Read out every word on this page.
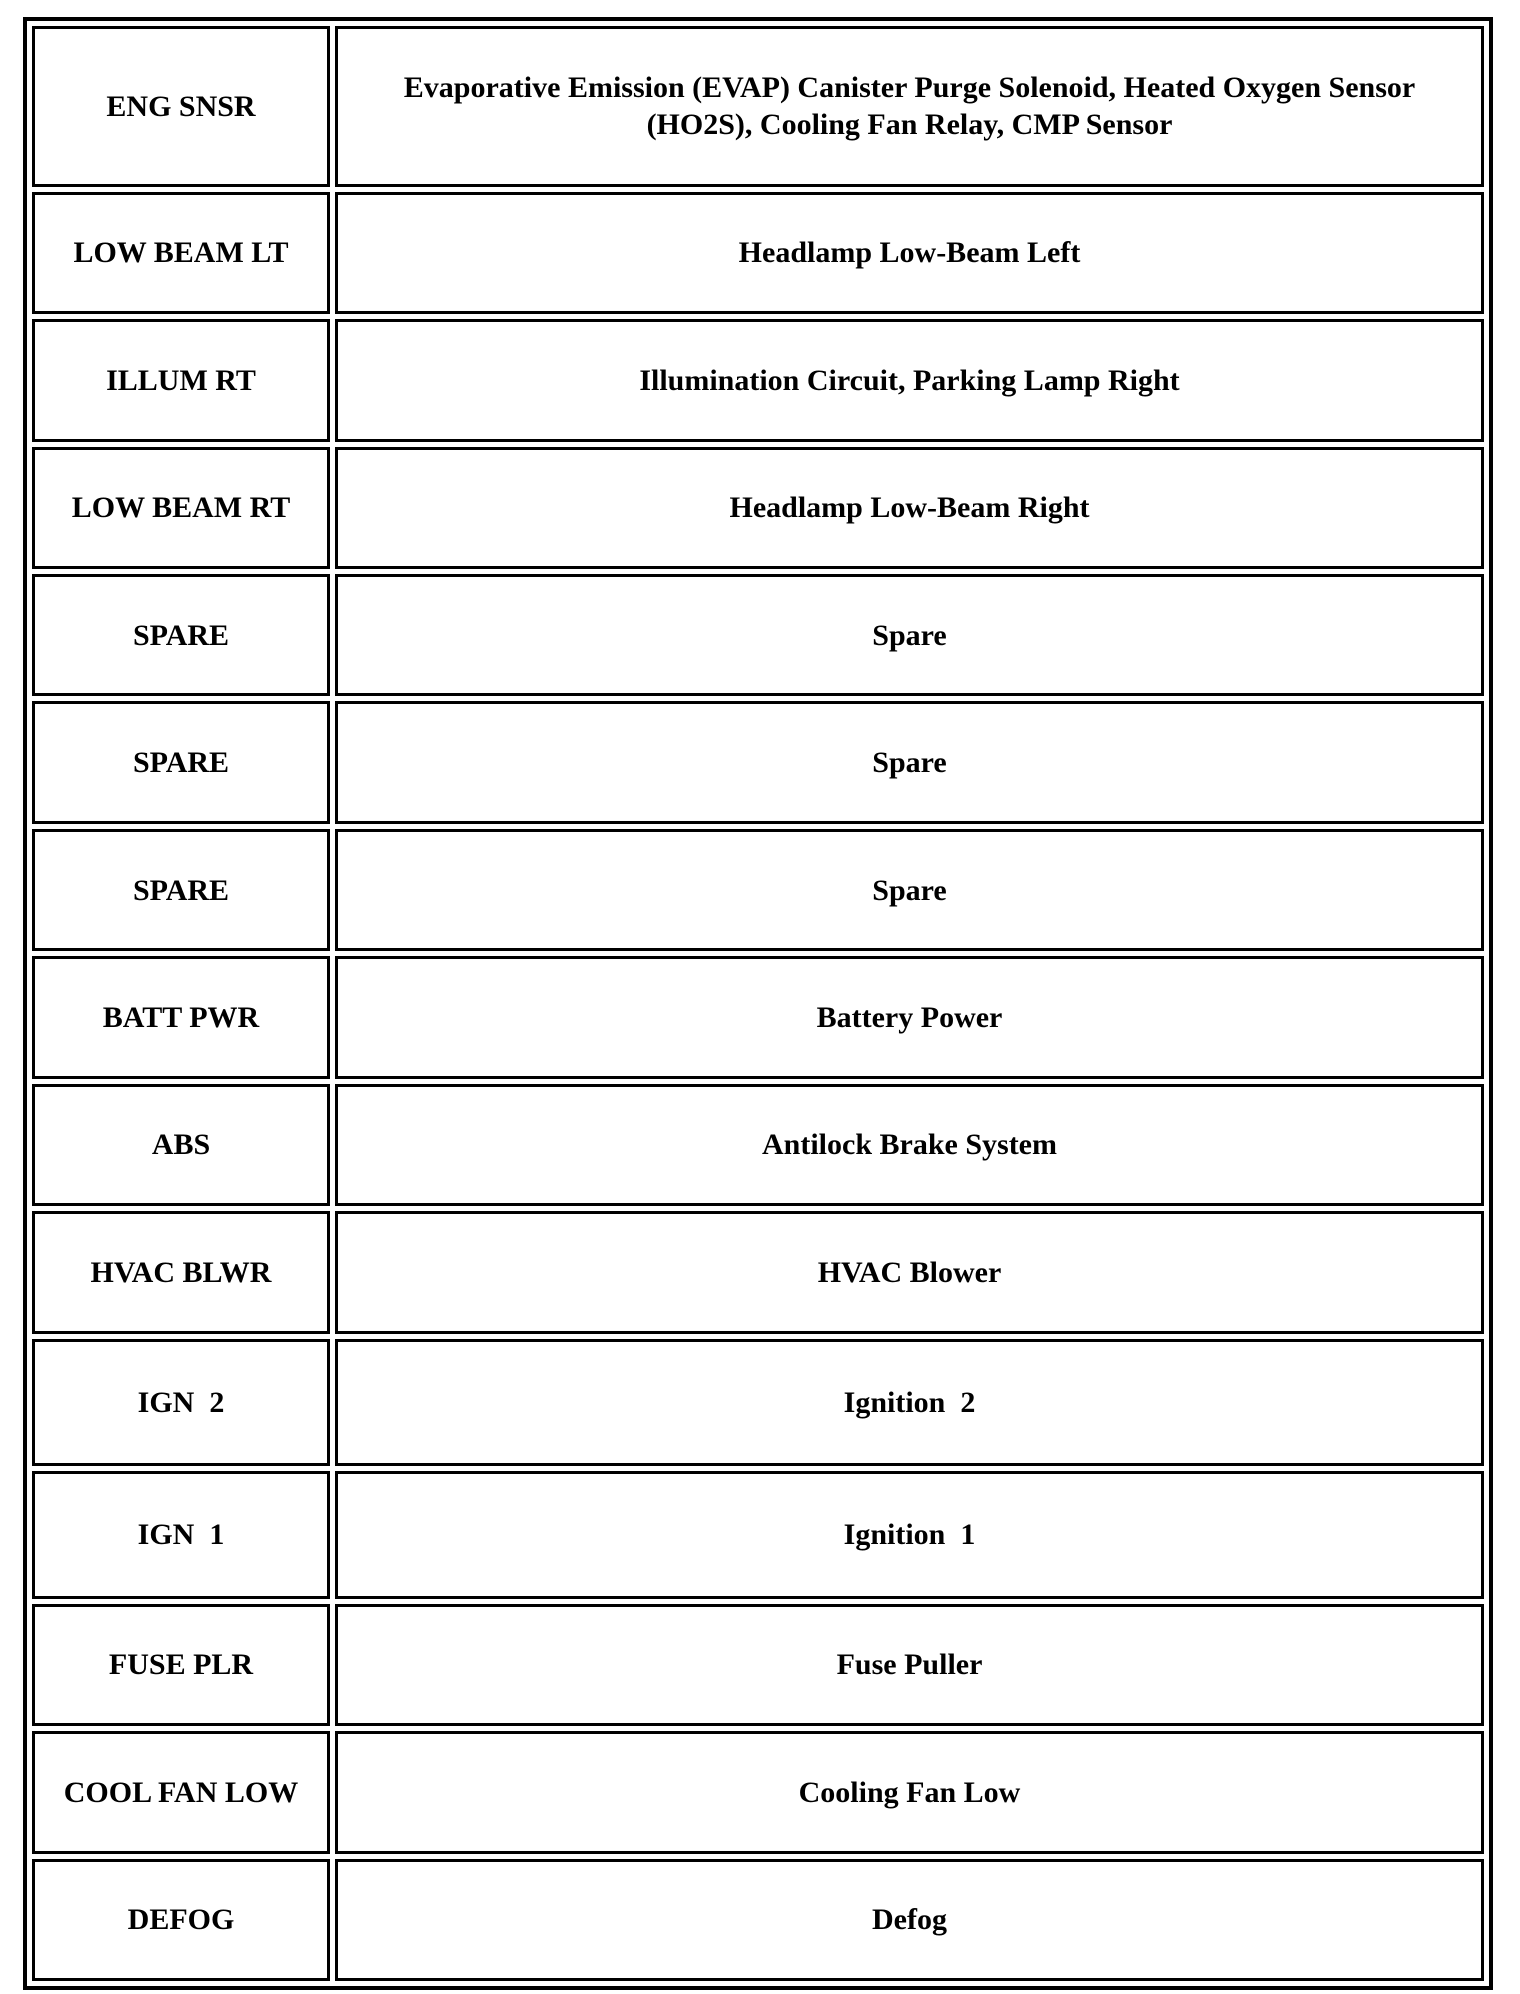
ENG SNSR	Evaporative Emission (EVAP) Canister Purge Solenoid, Heated Oxygen Sensor (HO2S), Cooling Fan Relay, CMP Sensor
LOW BEAM LT	Headlamp Low-Beam Left
ILLUM RT	Illumination Circuit, Parking Lamp Right
LOW BEAM RT	Headlamp Low-Beam Right
SPARE	Spare
SPARE	Spare
SPARE	Spare
BATT PWR	Battery Power
ABS	Antilock Brake System
HVAC BLWR	HVAC Blower
IGN  2	Ignition  2
IGN  1	Ignition  1
FUSE PLR	Fuse Puller
COOL FAN LOW	Cooling Fan Low
DEFOG	Defog
